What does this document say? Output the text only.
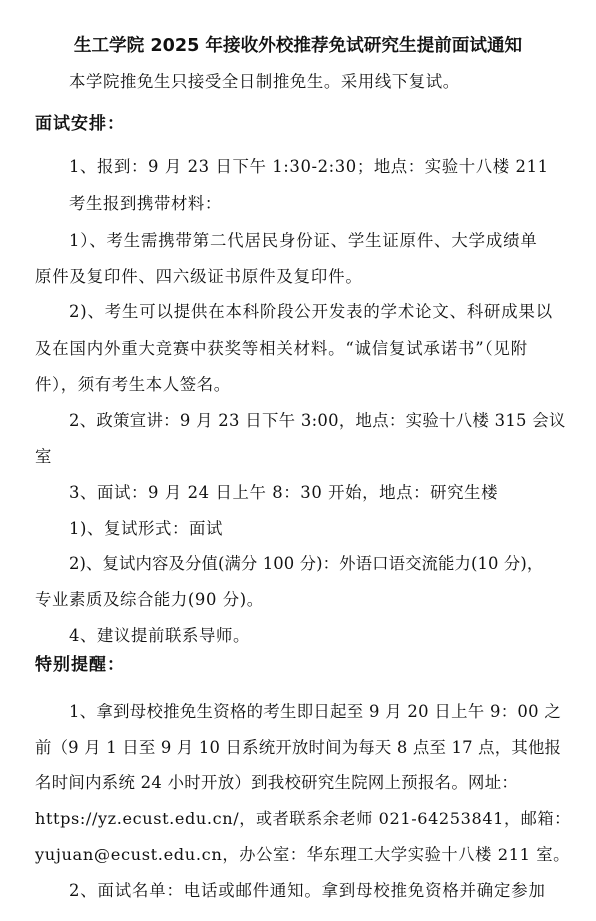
生工学院 2025 年接收外校推荐免试研究生提前面试通知
本学院推免生只接受全日制推免生。采用线下复试。
面试安排：
1、报到：9 月 23 日下午 1:30-2:30；地点：实验十八楼 211
考生报到携带材料：
1）、考生需携带第二代居民身份证、学生证原件、大学成绩单
原件及复印件、四六级证书原件及复印件。
2)、考生可以提供在本科阶段公开发表的学术论文、科研成果以
及在国内外重大竞赛中获奖等相关材料。“诚信复试承诺书”（见附
件），须有考生本人签名。
2、政策宣讲：9 月 23 日下午 3:00，地点：实验十八楼 315 会议
室
3、面试：9 月 24 日上午 8：30 开始，地点：研究生楼
1)、复试形式：面试
2)、复试内容及分值(满分 100 分)：外语口语交流能力(10 分)，
专业素质及综合能力(90 分)。
4、建议提前联系导师。
特别提醒：
1、拿到母校推免生资格的考生即日起至 9 月 20 日上午 9：00 之
前（9 月 1 日至 9 月 10 日系统开放时间为每天 8 点至 17 点，其他报
名时间内系统 24 小时开放）到我校研究生院网上预报名。网址：
https://yz.ecust.edu.cn/，或者联系余老师 021-64253841，邮箱：
yujuan@ecust.edu.cn，办公室：华东理工大学实验十八楼 211 室。
2、面试名单：电话或邮件通知。拿到母校推免资格并确定参加
